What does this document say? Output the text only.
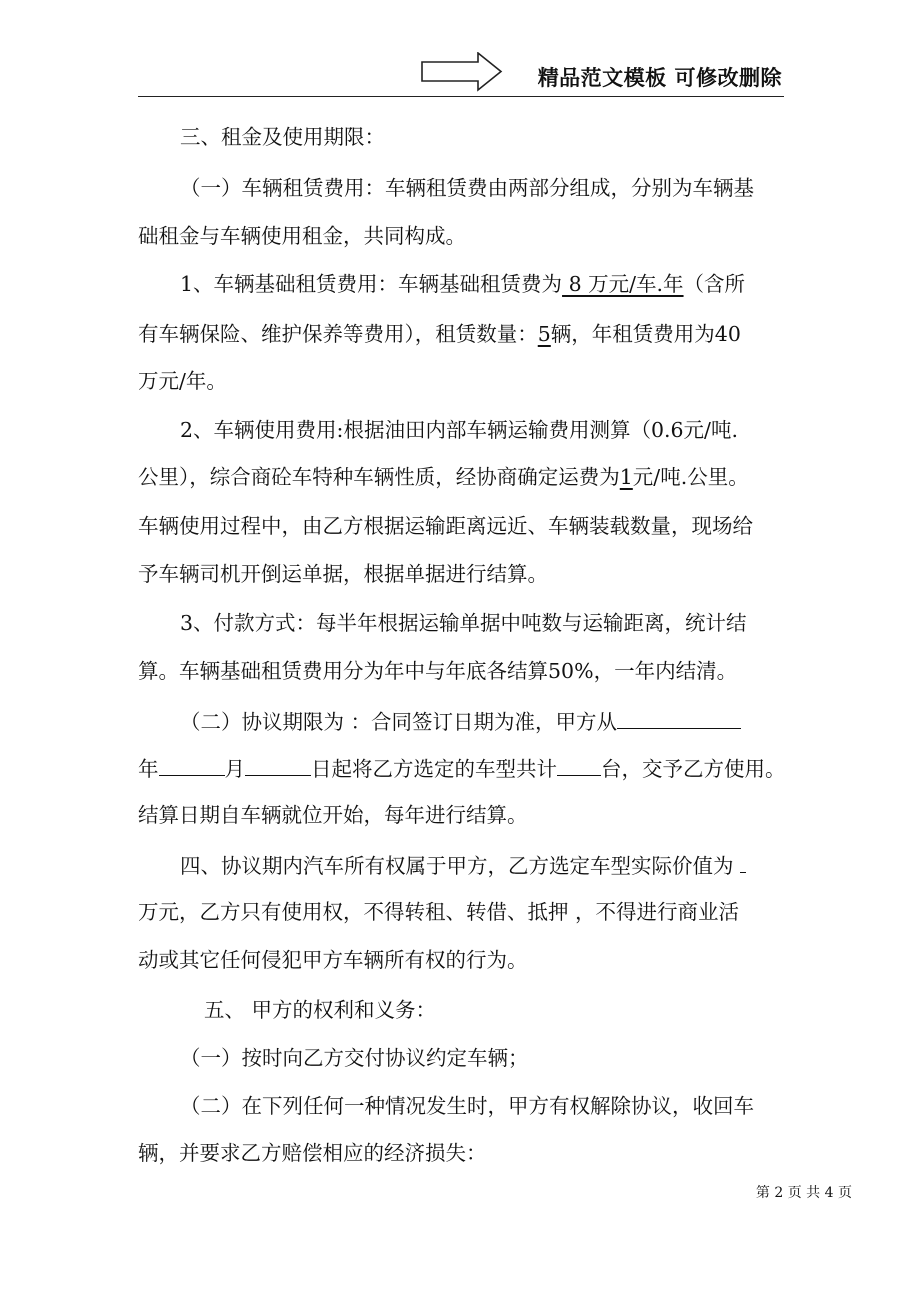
精品范文模板 可修改删除
三、租金及使用期限：
（一）车辆租赁费用：车辆租赁费由两部分组成，分别为车辆基
础租金与车辆使用租金，共同构成。
1、车辆基础租赁费用：车辆基础租赁费为 8 万元/车.年（含所
有车辆保险、维护保养等费用），租赁数量：5辆，年租赁费用为40
万元/年。
2、车辆使用费用:根据油田内部车辆运输费用测算（0.6元/吨.
公里），综合商砼车特种车辆性质，经协商确定运费为1元/吨.公里。
车辆使用过程中，由乙方根据运输距离远近、车辆装载数量，现场给
予车辆司机开倒运单据，根据单据进行结算。
3、付款方式：每半年根据运输单据中吨数与运输距离，统计结
算。车辆基础租赁费用分为年中与年底各结算50%，一年内结清。
（二）协议期限为 ：合同签订日期为准，甲方从
年	月	日起将乙方选定的车型共计 台，交予乙方使用。
结算日期自车辆就位开始，每年进行结算。
四、协议期内汽车所有权属于甲方，乙方选定车型实际价值为
万元，乙方只有使用权，不得转租、转借、抵押 ，不得进行商业活
动或其它任何侵犯甲方车辆所有权的行为。
五、 甲方的权利和义务：
（一）按时向乙方交付协议约定车辆；
（二）在下列任何一种情况发生时，甲方有权解除协议，收回车
辆，并要求乙方赔偿相应的经济损失：
第 2 页 共 4 页
